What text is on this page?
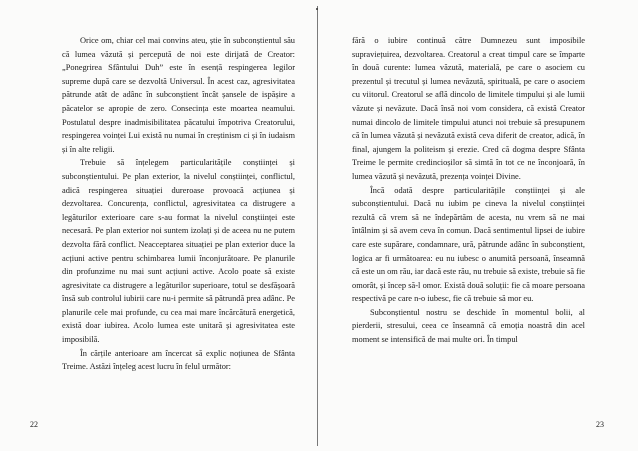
Orice om, chiar cel mai convins ateu, știe în subconștientul său că lumea văzută și percepută de noi este dirijată de Creator: „Ponegrirea Sfântului Duh” este în esență respingerea legilor supreme după care se dezvoltă Universul. În acest caz, agresivitatea pătrunde atât de adânc în subconștient încât șansele de ispășire a păcatelor se apropie de zero. Consecința este moartea neamului. Postulatul despre inadmisibilitatea păcatului împotriva Creatorului, respingerea voinței Lui există nu numai în creștinism ci și în iudaism și în alte religii.

Trebuie să înțelegem particularitățile conștiinței și subconștientului. Pe plan exterior, la nivelul conștiinței, conflictul, adică respingerea situației dureroase provoacă acțiunea și dezvoltarea. Concurența, conflictul, agresivitatea ca distrugere a legăturilor exterioare care s-au format la nivelul conștiinței este necesară. Pe plan exterior noi suntem izolați și de aceea nu ne putem dezvolta fără conflict. Neacceptarea situației pe plan exterior duce la acțiuni active pentru schimbarea lumii înconjurătoare. Pe planurile din profunzime nu mai sunt acțiuni active. Acolo poate să existe agresivitate ca distrugere a legăturilor superioare, totul se desfășoară însă sub controlul iubirii care nu-i permite să pătrundă prea adânc. Pe planurile cele mai profunde, cu cea mai mare încărcătură energetică, există doar iubirea. Acolo lumea este unitară și agresivitatea este imposibilă.

În cărțile anterioare am încercat să explic noțiunea de Sfânta Treime. Astăzi înțeleg acest lucru în felul următor:

fără o iubire continuă către Dumnezeu sunt imposibile supraviețuirea, dezvoltarea. Creatorul a creat timpul care se împarte în două curente: lumea văzută, materială, pe care o asociem cu prezentul și trecutul și lumea nevăzută, spirituală, pe care o asociem cu viitorul. Creatorul se află dincolo de limitele timpului și ale lumii văzute și nevăzute. Dacă însă noi vom considera, că există Creator numai dincolo de limitele timpului atunci noi trebuie să presupunem că în lumea văzută și nevăzută există ceva diferit de creator, adică, în final, ajungem la politeism și erezie. Cred că dogma despre Sfânta Treime le permite credincioșilor să simtă în tot ce ne înconjoară, în lumea văzută și nevăzută, prezența voinței Divine.

Încă odată despre particularitățile conștiinței și ale subconștientului. Dacă nu iubim pe cineva la nivelul conștiinței rezultă că vrem să ne îndepărtăm de acesta, nu vrem să ne mai întâlnim și să avem ceva în comun. Dacă sentimentul lipsei de iubire care este supărare, condamnare, ură, pătrunde adânc în subconștient, logica ar fi următoarea: eu nu iubesc o anumită persoană, înseamnă că este un om rău, iar dacă este rău, nu trebuie să existe, trebuie să fie omorât, și încep să-l omor. Există două soluții: fie că moare persoana respectivă pe care n-o iubesc, fie că trebuie să mor eu.

Subconștientul nostru se deschide în momentul bolii, al pierderii, stresului, ceea ce înseamnă că emoția noastră din acel moment se intensifică de mai multe ori. În timpul

22	23
